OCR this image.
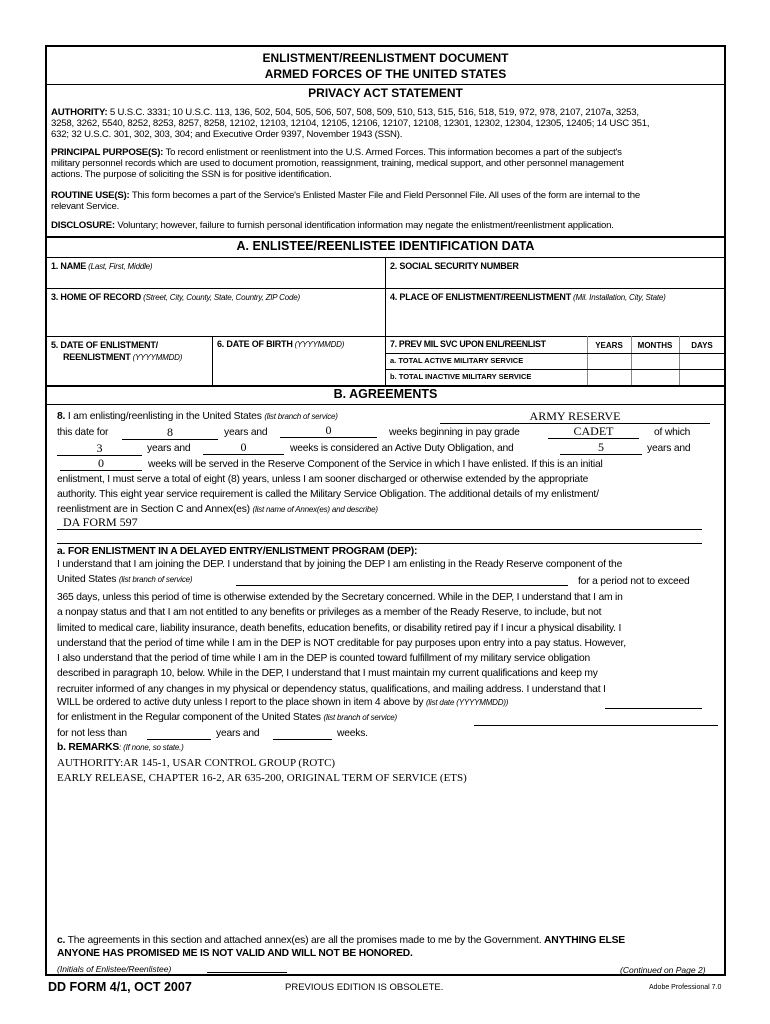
ENLISTMENT/REENLISTMENT DOCUMENT
ARMED FORCES OF THE UNITED STATES
PRIVACY ACT STATEMENT
AUTHORITY: 5 U.S.C. 3331; 10 U.S.C. 113, 136, 502, 504, 505, 506, 507, 508, 509, 510, 513, 515, 516, 518, 519, 972, 978, 2107, 2107a, 3253,
3258, 3262, 5540, 8252, 8253, 8257, 8258, 12102, 12103, 12104, 12105, 12106, 12107, 12108, 12301, 12302, 12304, 12305, 12405; 14 USC 351,
632; 32 U.S.C. 301, 302, 303, 304; and Executive Order 9397, November 1943 (SSN).
PRINCIPAL PURPOSE(S): To record enlistment or reenlistment into the U.S. Armed Forces. This information becomes a part of the subject's
military personnel records which are used to document promotion, reassignment, training, medical support, and other personnel management
actions. The purpose of soliciting the SSN is for positive identification.
ROUTINE USE(S): This form becomes a part of the Service's Enlisted Master File and Field Personnel File. All uses of the form are internal to the
relevant Service.
DISCLOSURE: Voluntary; however, failure to furnish personal identification information may negate the enlistment/reenlistment application.
A. ENLISTEE/REENLISTEE IDENTIFICATION DATA
1. NAME (Last, First, Middle)	2. SOCIAL SECURITY NUMBER
3. HOME OF RECORD (Street, City, County, State, Country, ZIP Code)	4. PLACE OF ENLISTMENT/REENLISTMENT (Mil. Installation, City, State)
5. DATE OF ENLISTMENT/
REENLISTMENT (YYYYMMDD)
6. DATE OF BIRTH (YYYYMMDD)	7. PREV MIL SVC UPON ENL/REENLIST	YEARS	MONTHS	DAYS
a. TOTAL ACTIVE MILITARY SERVICE
b. TOTAL INACTIVE MILITARY SERVICE
B. AGREEMENTS
8. I am enlisting/reenlisting in the United States (list branch of service)	ARMY RESERVE
this date for	8	years and	0	weeks beginning in pay grade	CADET	of which
3	years and	0	weeks is considered an Active Duty Obligation, and	5	years and
0	weeks will be served in the Reserve Component of the Service in which I have enlisted. If this is an initial
enlistment, I must serve a total of eight (8) years, unless I am sooner discharged or otherwise extended by the appropriate
authority. This eight year service requirement is called the Military Service Obligation. The additional details of my enlistment/
reenlistment are in Section C and Annex(es) (list name of Annex(es) and describe)
DA FORM 597
a. FOR ENLISTMENT IN A DELAYED ENTRY/ENLISTMENT PROGRAM (DEP):
I understand that I am joining the DEP. I understand that by joining the DEP I am enlisting in the Ready Reserve component of the
United States (list branch of service)	for a period not to exceed
365 days, unless this period of time is otherwise extended by the Secretary concerned. While in the DEP, I understand that I am in
a nonpay status and that I am not entitled to any benefits or privileges as a member of the Ready Reserve, to include, but not
limited to medical care, liability insurance, death benefits, education benefits, or disability retired pay if I incur a physical disability. I
understand that the period of time while I am in the DEP is NOT creditable for pay purposes upon entry into a pay status. However,
I also understand that the period of time while I am in the DEP is counted toward fulfillment of my military service obligation
described in paragraph 10, below. While in the DEP, I understand that I must maintain my current qualifications and keep my
recruiter informed of any changes in my physical or dependency status, qualifications, and mailing address. I understand that I
WILL be ordered to active duty unless I report to the place shown in item 4 above by (list date (YYYYMMDD))
for enlistment in the Regular component of the United States (list branch of service)
for not less than	years and	weeks.
b. REMARKS: (If none, so state.)
AUTHORITY:AR 145-1, USAR CONTROL GROUP (ROTC)
EARLY RELEASE, CHAPTER 16-2, AR 635-200, ORIGINAL TERM OF SERVICE (ETS)
c. The agreements in this section and attached annex(es) are all the promises made to me by the Government. ANYTHING ELSE
ANYONE HAS PROMISED ME IS NOT VALID AND WILL NOT BE HONORED.
(Initials of Enlistee/Reenlistee)	(Continued on Page 2)
DD FORM 4/1, OCT 2007	PREVIOUS EDITION IS OBSOLETE.	Adobe Professional 7.0
